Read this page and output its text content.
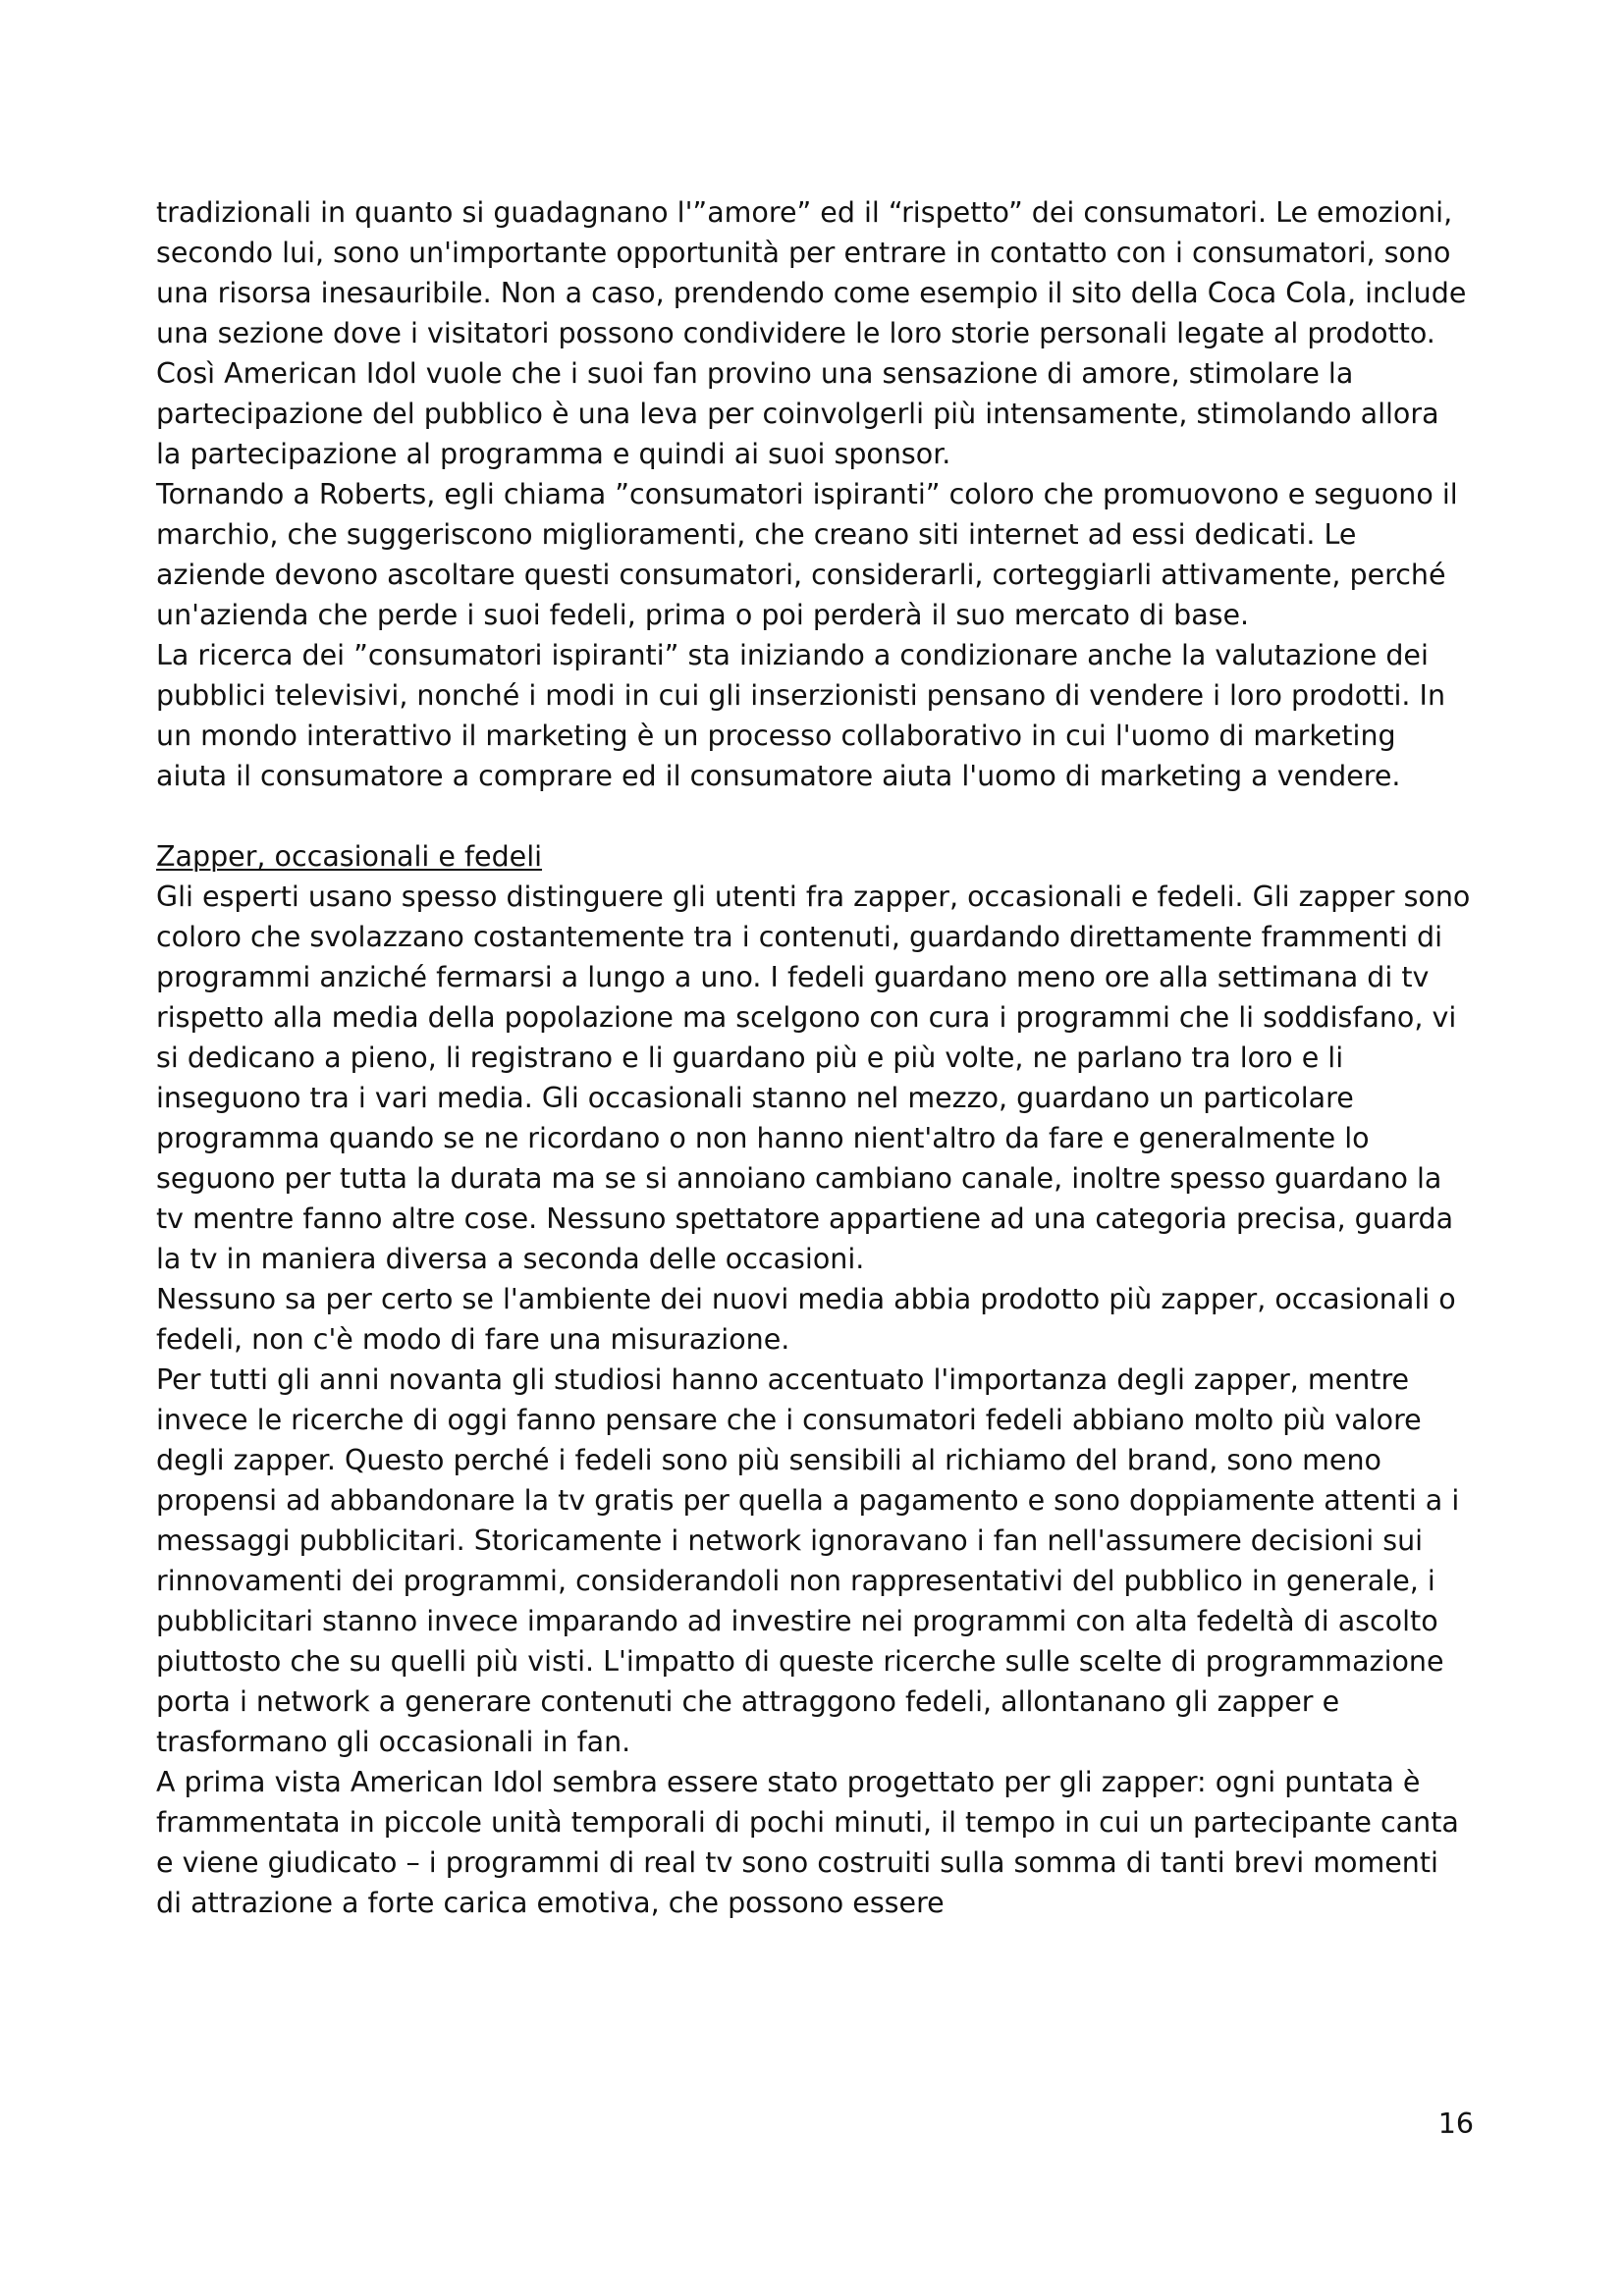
tradizionali in quanto si guadagnano l'”amore” ed il “rispetto” dei consumatori. Le emozioni, secondo lui, sono un'importante opportunità per entrare in contatto con i consumatori, sono una risorsa inesauribile. Non a caso, prendendo come esempio il sito della Coca Cola, include una sezione dove i visitatori possono condividere le loro storie personali legate al prodotto.

Così American Idol vuole che i suoi fan provino una sensazione di amore, stimolare la partecipazione del pubblico è una leva per coinvolgerli più intensamente, stimolando allora la partecipazione al programma e quindi ai suoi sponsor.

Tornando a Roberts, egli chiama ”consumatori ispiranti” coloro che promuovono e seguono il marchio, che suggeriscono miglioramenti, che creano siti internet ad essi dedicati. Le aziende devono ascoltare questi consumatori, considerarli, corteggiarli attivamente, perché un'azienda che perde i suoi fedeli, prima o poi perderà il suo mercato di base.

La ricerca dei ”consumatori ispiranti” sta iniziando a condizionare anche la valutazione dei pubblici televisivi, nonché i modi in cui gli inserzionisti pensano di vendere i loro prodotti. In un mondo interattivo il marketing è un processo collaborativo in cui l'uomo di marketing aiuta il consumatore a comprare ed il consumatore aiuta l'uomo di marketing a vendere.

Zapper, occasionali e fedeli

Gli esperti usano spesso distinguere gli utenti fra zapper, occasionali e fedeli. Gli zapper sono coloro che svolazzano costantemente tra i contenuti, guardando direttamente frammenti di programmi anziché fermarsi a lungo a uno. I fedeli guardano meno ore alla settimana di tv rispetto alla media della popolazione ma scelgono con cura i programmi che li soddisfano, vi si dedicano a pieno, li registrano e li guardano più e più volte, ne parlano tra loro e li inseguono tra i vari media. Gli occasionali stanno nel mezzo, guardano un particolare programma quando se ne ricordano o non hanno nient'altro da fare e generalmente lo seguono per tutta la durata ma se si annoiano cambiano canale, inoltre spesso guardano la tv mentre fanno altre cose. Nessuno spettatore appartiene ad una categoria precisa, guarda la tv in maniera diversa a seconda delle occasioni.

Nessuno sa per certo se l'ambiente dei nuovi media abbia prodotto più zapper, occasionali o fedeli, non c'è modo di fare una misurazione.

Per tutti gli anni novanta gli studiosi hanno accentuato l'importanza degli zapper, mentre invece le ricerche di oggi fanno pensare che i consumatori fedeli abbiano molto più valore degli zapper. Questo perché i fedeli sono più sensibili al richiamo del brand, sono meno propensi ad abbandonare la tv gratis per quella a pagamento e sono doppiamente attenti a i messaggi pubblicitari. Storicamente i network ignoravano i fan nell'assumere decisioni sui rinnovamenti dei programmi, considerandoli non rappresentativi del pubblico in generale, i pubblicitari stanno invece imparando ad investire nei programmi con alta fedeltà di ascolto piuttosto che su quelli più visti. L'impatto di queste ricerche sulle scelte di programmazione porta i network a generare contenuti che attraggono fedeli, allontanano gli zapper e trasformano gli occasionali in fan.

A prima vista American Idol sembra essere stato progettato per gli zapper: ogni puntata è frammentata in piccole unità temporali di pochi minuti, il tempo in cui un partecipante canta e viene giudicato – i programmi di real tv sono costruiti sulla somma di tanti brevi momenti di attrazione a forte carica emotiva, che possono essere

16
